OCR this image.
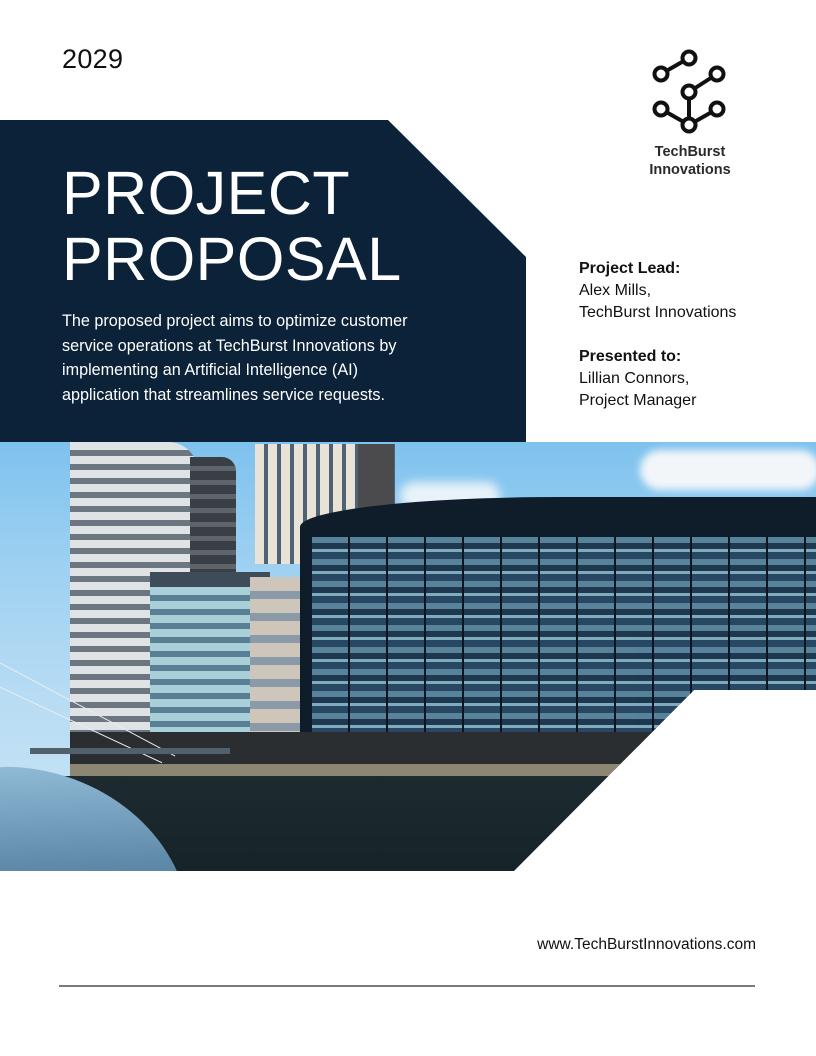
2029
TechBurst
Innovations
PROJECT
PROPOSAL

The proposed project aims to optimize customer service operations at TechBurst Innovations by implementing an Artificial Intelligence (AI) application that streamlines service requests.

Project Lead:
Alex Mills,
TechBurst Innovations
Presented to:
Lillian Connors,
Project Manager
www.TechBurstInnovations.com
